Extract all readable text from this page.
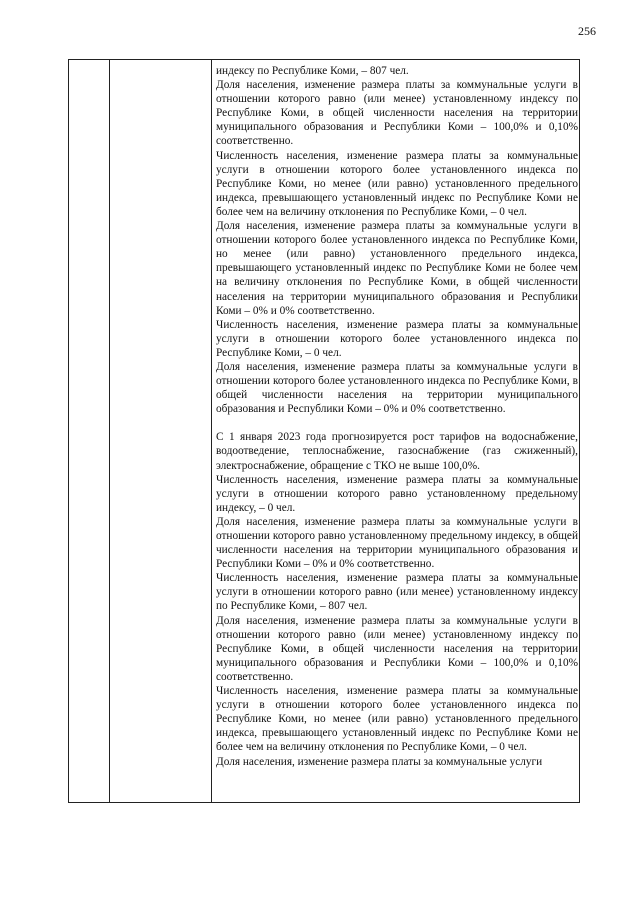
256

индексу по Республике Коми, – 807 чел.

Доля населения, изменение размера платы за коммунальные услуги в отношении которого равно (или менее) установленному индексу по Республике Коми, в общей численности населения на территории муниципального образования и Республики Коми – 100,0% и 0,10% соответственно.

Численность населения, изменение размера платы за коммунальные услуги в отношении которого более установленного индекса по Республике Коми, но менее (или равно) установленного предельного индекса, превышающего установленный индекс по Республике Коми не более чем на величину отклонения по Республике Коми, – 0 чел.

Доля населения, изменение размера платы за коммунальные услуги в отношении которого более установленного индекса по Республике Коми, но менее (или равно) установленного предельного индекса, превышающего установленный индекс по Республике Коми не более чем на величину отклонения по Республике Коми, в общей численности населения на территории муниципального образования и Республики Коми – 0% и 0% соответственно.

Численность населения, изменение размера платы за коммунальные услуги в отношении которого более установленного индекса по Республике Коми, – 0 чел.

Доля населения, изменение размера платы за коммунальные услуги в отношении которого более установленного индекса по Республике Коми, в общей численности населения на территории муниципального образования и Республики Коми – 0% и 0% соответственно.

С 1 января 2023 года прогнозируется рост тарифов на водоснабжение, водоотведение, теплоснабжение, газоснабжение (газ сжиженный), электроснабжение, обращение с ТКО не выше 100,0%.

Численность населения, изменение размера платы за коммунальные услуги в отношении которого равно установленному предельному индексу, – 0 чел.

Доля населения, изменение размера платы за коммунальные услуги в отношении которого равно установленному предельному индексу, в общей численности населения на территории муниципального образования и Республики Коми – 0% и 0% соответственно.

Численность населения, изменение размера платы за коммунальные услуги в отношении которого равно (или менее) установленному индексу по Республике Коми, – 807 чел.

Доля населения, изменение размера платы за коммунальные услуги в отношении которого равно (или менее) установленному индексу по Республике Коми, в общей численности населения на территории муниципального образования и Республики Коми – 100,0% и 0,10% соответственно.

Численность населения, изменение размера платы за коммунальные услуги в отношении которого более установленного индекса по Республике Коми, но менее (или равно) установленного предельного индекса, превышающего установленный индекс по Республике Коми не более чем на величину отклонения по Республике Коми, – 0 чел.

Доля населения, изменение размера платы за коммунальные услуги
